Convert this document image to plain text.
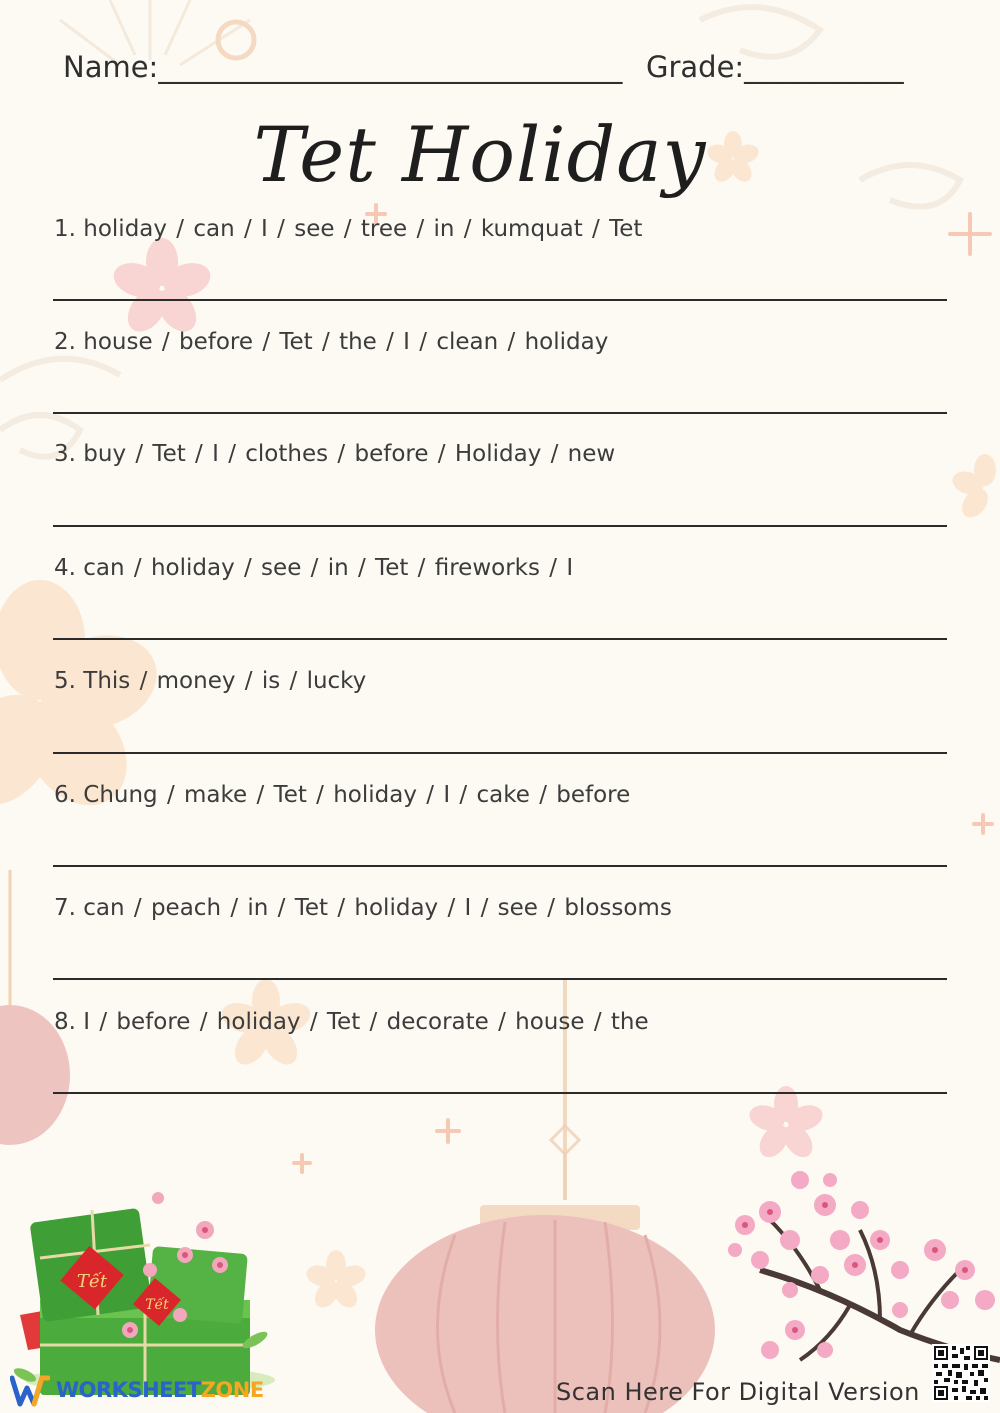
Tết
Tết
Name:________________________________ Grade:___________
Tet Holiday
1. holiday / can / I / see / tree / in / kumquat / Tet
2. house / before / Tet / the / I / clean / holiday
3. buy / Tet / I / clothes / before / Holiday / new
4. can / holiday / see / in / Tet / fireworks / I
5. This / money / is / lucky
6. Chung / make / Tet / holiday / I / cake / before
7. can / peach / in / Tet / holiday / I / see / blossoms
8. I / before / holiday / Tet / decorate / house / the
WORKSHEETZONE	Scan Here For Digital Version
